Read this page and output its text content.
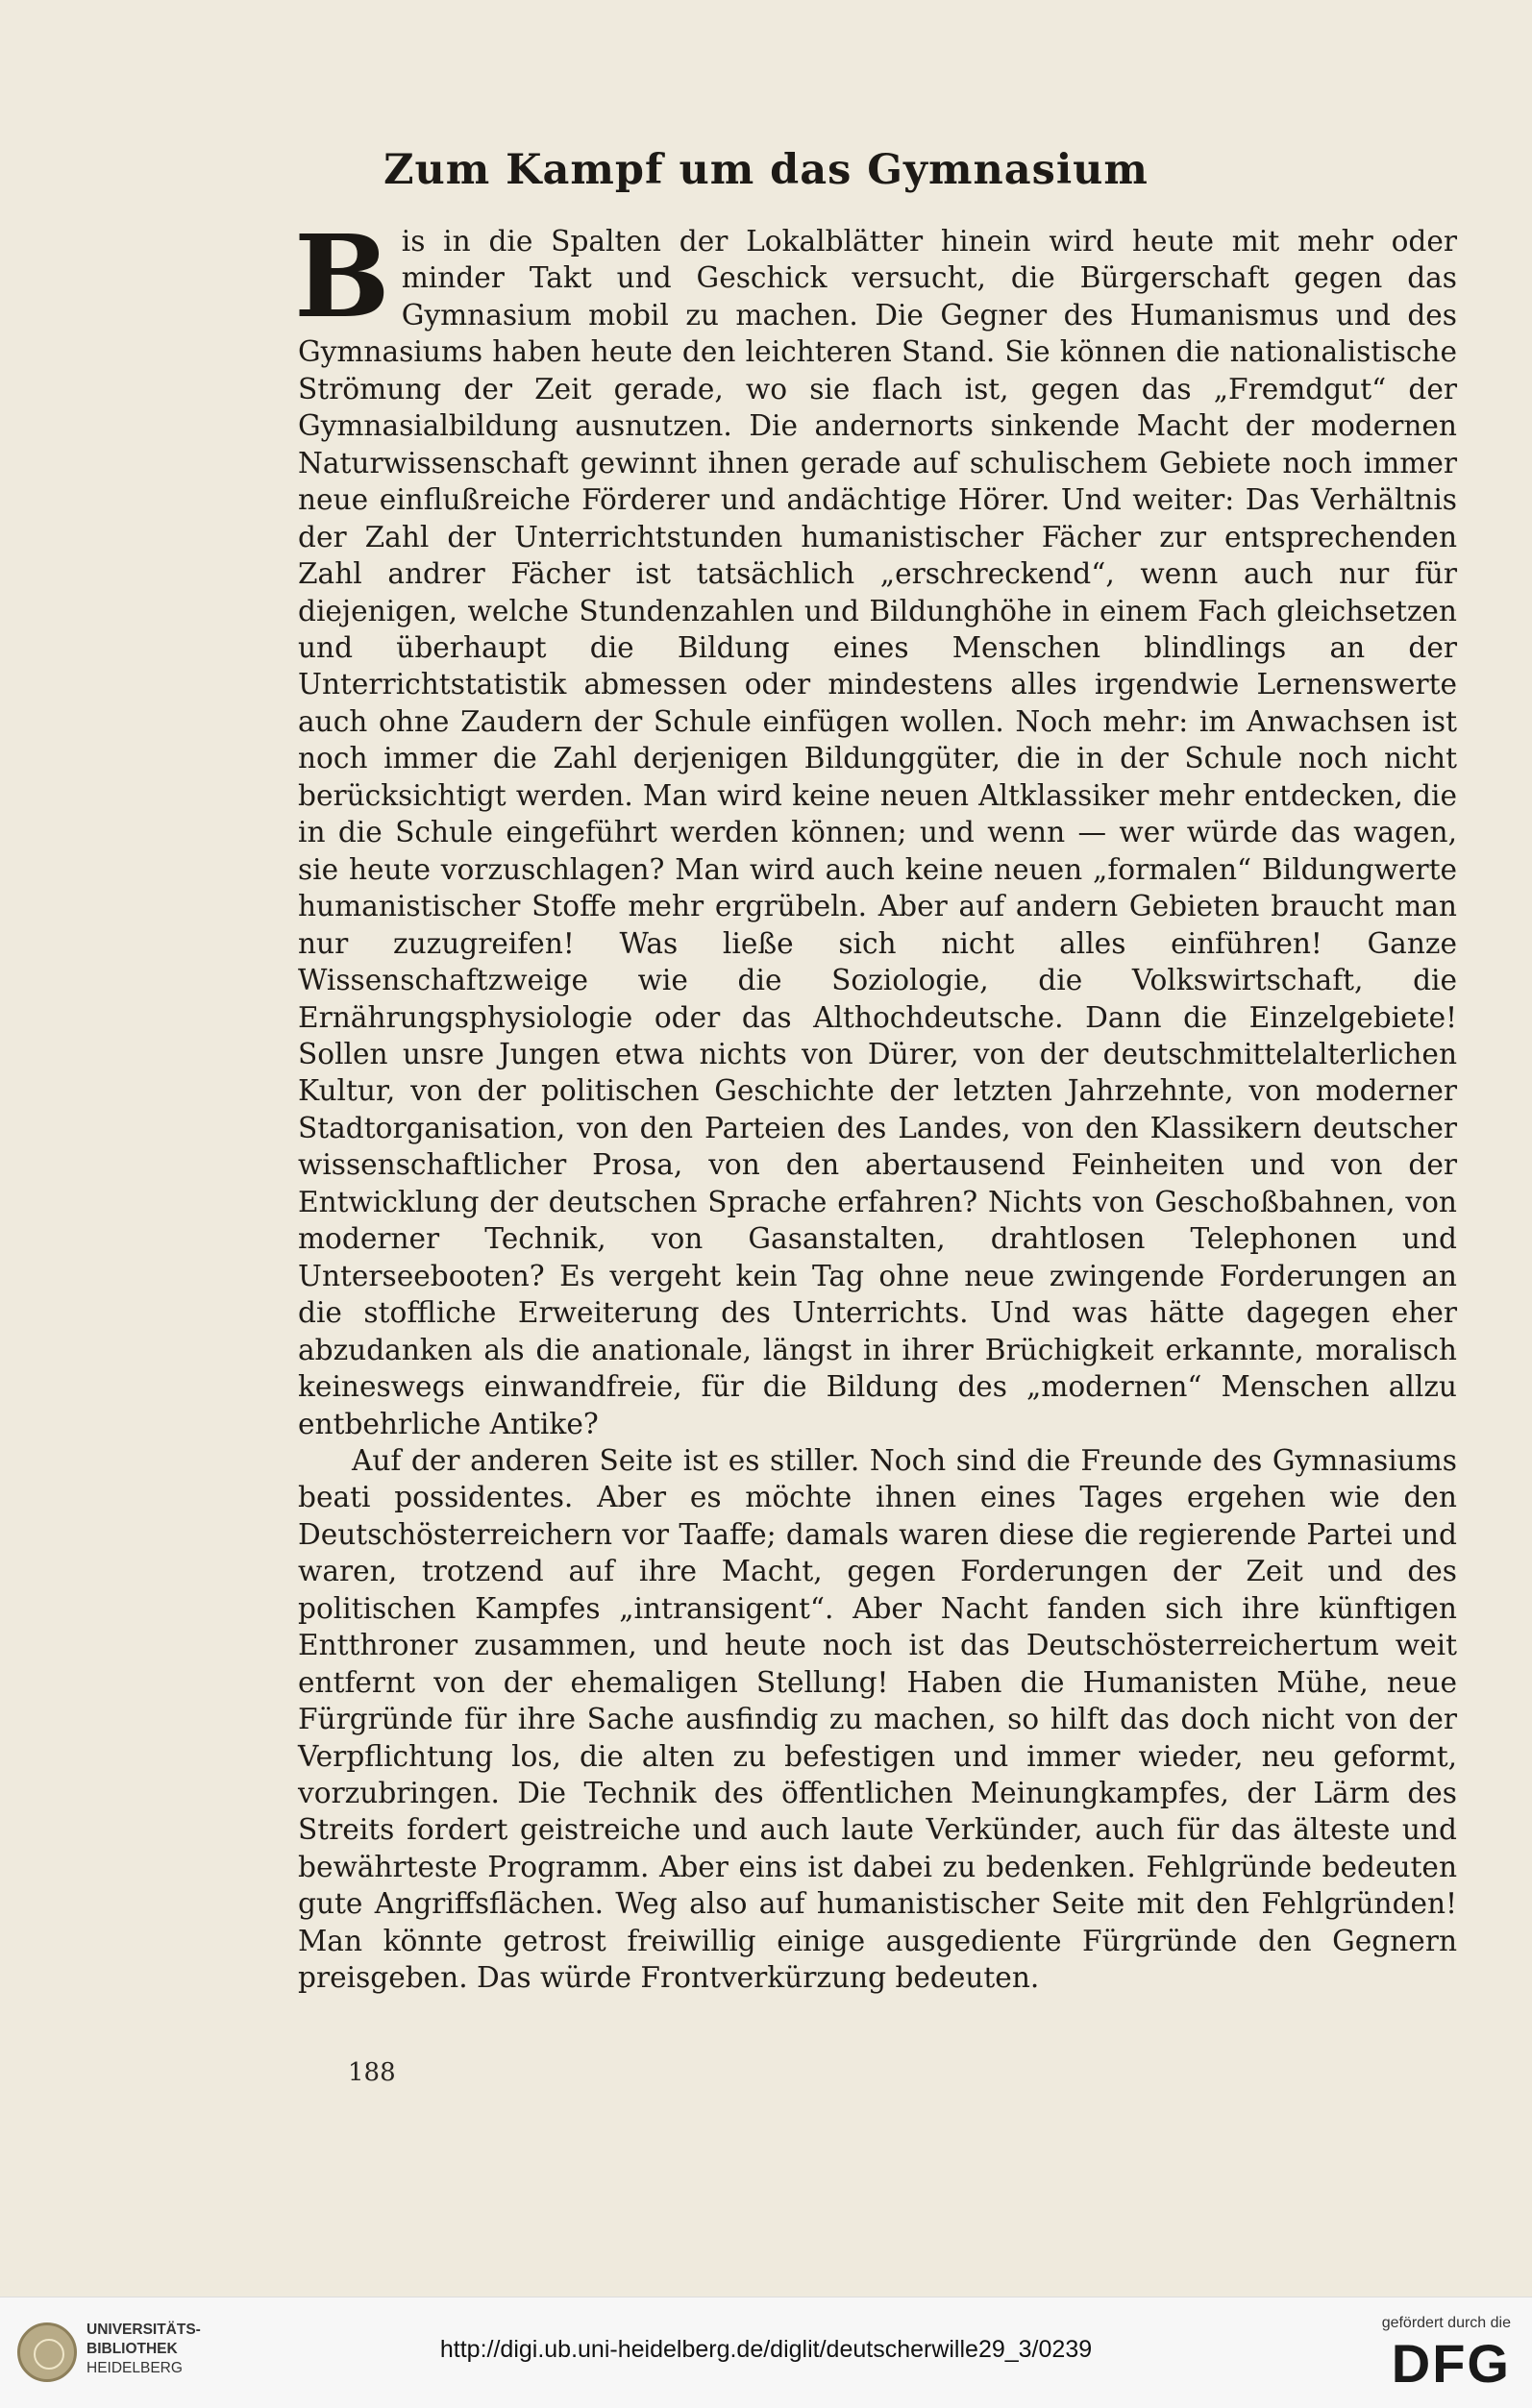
Zum Kampf um das Gymnasium

Bis in die Spalten der Lokalblätter hinein wird heute mit mehr oder minder Takt und Geschick versucht, die Bürgerschaft gegen das Gymnasium mobil zu machen. Die Gegner des Humanismus und des Gymnasiums haben heute den leichteren Stand. Sie können die nationalistische Strömung der Zeit gerade, wo sie flach ist, gegen das „Fremdgut“ der Gymnasialbildung ausnutzen. Die andernorts sinkende Macht der modernen Naturwissenschaft gewinnt ihnen gerade auf schulischem Gebiete noch immer neue einflußreiche Förderer und andächtige Hörer. Und weiter: Das Verhältnis der Zahl der Unterrichtstunden humanistischer Fächer zur entsprechenden Zahl andrer Fächer ist tatsächlich „erschreckend“, wenn auch nur für diejenigen, welche Stundenzahlen und Bildunghöhe in einem Fach gleichsetzen und überhaupt die Bildung eines Menschen blindlings an der Unterrichtstatistik abmessen oder mindestens alles irgendwie Lernenswerte auch ohne Zaudern der Schule einfügen wollen. Noch mehr: im Anwachsen ist noch immer die Zahl derjenigen Bildunggüter, die in der Schule noch nicht berücksichtigt werden. Man wird keine neuen Altklassiker mehr entdecken, die in die Schule eingeführt werden können; und wenn — wer würde das wagen, sie heute vorzuschlagen? Man wird auch keine neuen „formalen“ Bildungwerte humanistischer Stoffe mehr ergrübeln. Aber auf andern Gebieten braucht man nur zuzugreifen! Was ließe sich nicht alles einführen! Ganze Wissenschaftzweige wie die Soziologie, die Volkswirtschaft, die Ernährungsphysiologie oder das Althochdeutsche. Dann die Einzelgebiete! Sollen unsre Jungen etwa nichts von Dürer, von der deutschmittelalterlichen Kultur, von der politischen Geschichte der letzten Jahrzehnte, von moderner Stadtorganisation, von den Parteien des Landes, von den Klassikern deutscher wissenschaftlicher Prosa, von den abertausend Feinheiten und von der Entwicklung der deutschen Sprache erfahren? Nichts von Geschoßbahnen, von moderner Technik, von Gasanstalten, drahtlosen Telephonen und Unterseebooten? Es vergeht kein Tag ohne neue zwingende Forderungen an die stoffliche Erweiterung des Unterrichts. Und was hätte dagegen eher abzudanken als die anationale, längst in ihrer Brüchigkeit erkannte, moralisch keineswegs einwandfreie, für die Bildung des „modernen“ Menschen allzu entbehrliche Antike?

Auf der anderen Seite ist es stiller. Noch sind die Freunde des Gymnasiums beati possidentes. Aber es möchte ihnen eines Tages ergehen wie den Deutschösterreichern vor Taaffe; damals waren diese die regierende Partei und waren, trotzend auf ihre Macht, gegen Forderungen der Zeit und des politischen Kampfes „intransigent“. Aber Nacht fanden sich ihre künftigen Entthroner zusammen, und heute noch ist das Deutschösterreichertum weit entfernt von der ehemaligen Stellung! Haben die Humanisten Mühe, neue Fürgründe für ihre Sache ausfindig zu machen, so hilft das doch nicht von der Verpflichtung los, die alten zu befestigen und immer wieder, neu geformt, vorzubringen. Die Technik des öffentlichen Meinungkampfes, der Lärm des Streits fordert geistreiche und auch laute Verkünder, auch für das älteste und bewährteste Programm. Aber eins ist dabei zu bedenken. Fehlgründe bedeuten gute Angriffsflächen. Weg also auf humanistischer Seite mit den Fehlgründen! Man könnte getrost freiwillig einige ausgediente Fürgründe den Gegnern preisgeben. Das würde Frontverkürzung bedeuten.

188

UNIVERSITÄTS-
BIBLIOTHEK
HEIDELBERG

http://digi.ub.uni-heidelberg.de/diglit/deutscherwille29_3/0239

gefördert durch die

DFG
